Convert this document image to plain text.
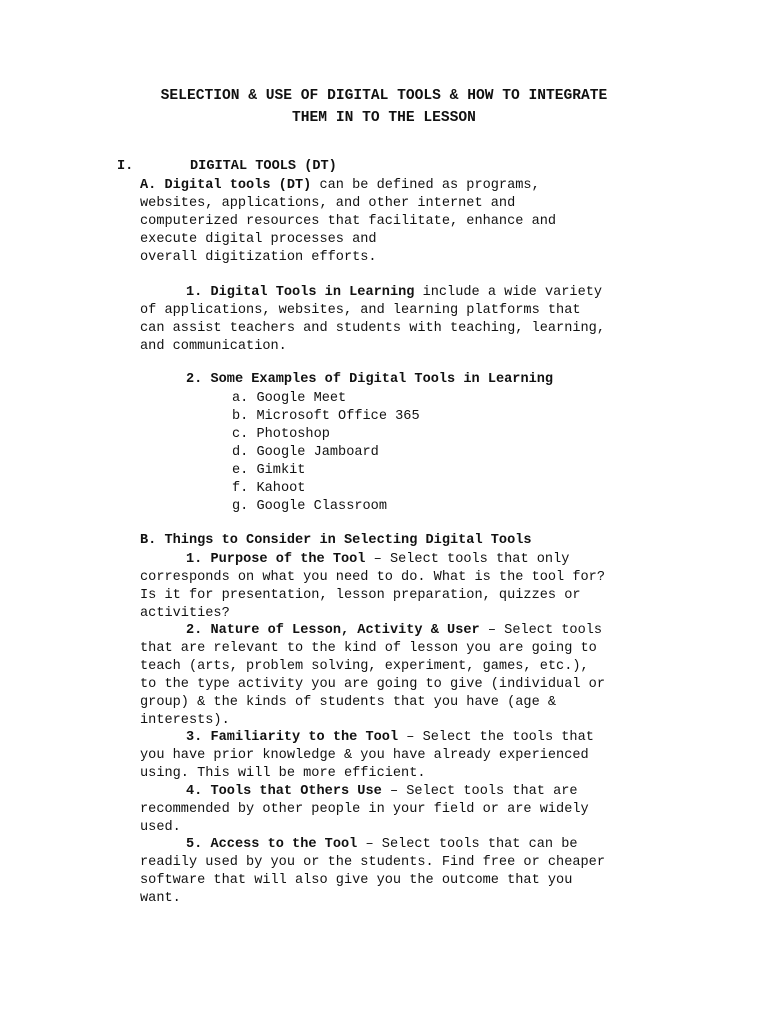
SELECTION & USE OF DIGITAL TOOLS & HOW TO INTEGRATE
THEM IN TO THE LESSON
I.	DIGITAL TOOLS (DT)
A. Digital tools (DT) can be defined as programs,
websites, applications, and other internet and
computerized resources that facilitate, enhance and
execute digital processes and
overall digitization efforts.
1. Digital Tools in Learning include a wide variety
of applications, websites, and learning platforms that
can assist teachers and students with teaching, learning,
and communication.
2. Some Examples of Digital Tools in Learning
a. Google Meet
b. Microsoft Office 365
c. Photoshop
d. Google Jamboard
e. Gimkit
f. Kahoot
g. Google Classroom
B. Things to Consider in Selecting Digital Tools
1. Purpose of the Tool – Select tools that only
corresponds on what you need to do. What is the tool for?
Is it for presentation, lesson preparation, quizzes or
activities?
2. Nature of Lesson, Activity & User – Select tools
that are relevant to the kind of lesson you are going to
teach (arts, problem solving, experiment, games, etc.),
to the type activity you are going to give (individual or
group) & the kinds of students that you have (age &
interests).
3. Familiarity to the Tool – Select the tools that
you have prior knowledge & you have already experienced
using. This will be more efficient.
4. Tools that Others Use – Select tools that are
recommended by other people in your field or are widely
used.
5. Access to the Tool – Select tools that can be
readily used by you or the students. Find free or cheaper
software that will also give you the outcome that you
want.
